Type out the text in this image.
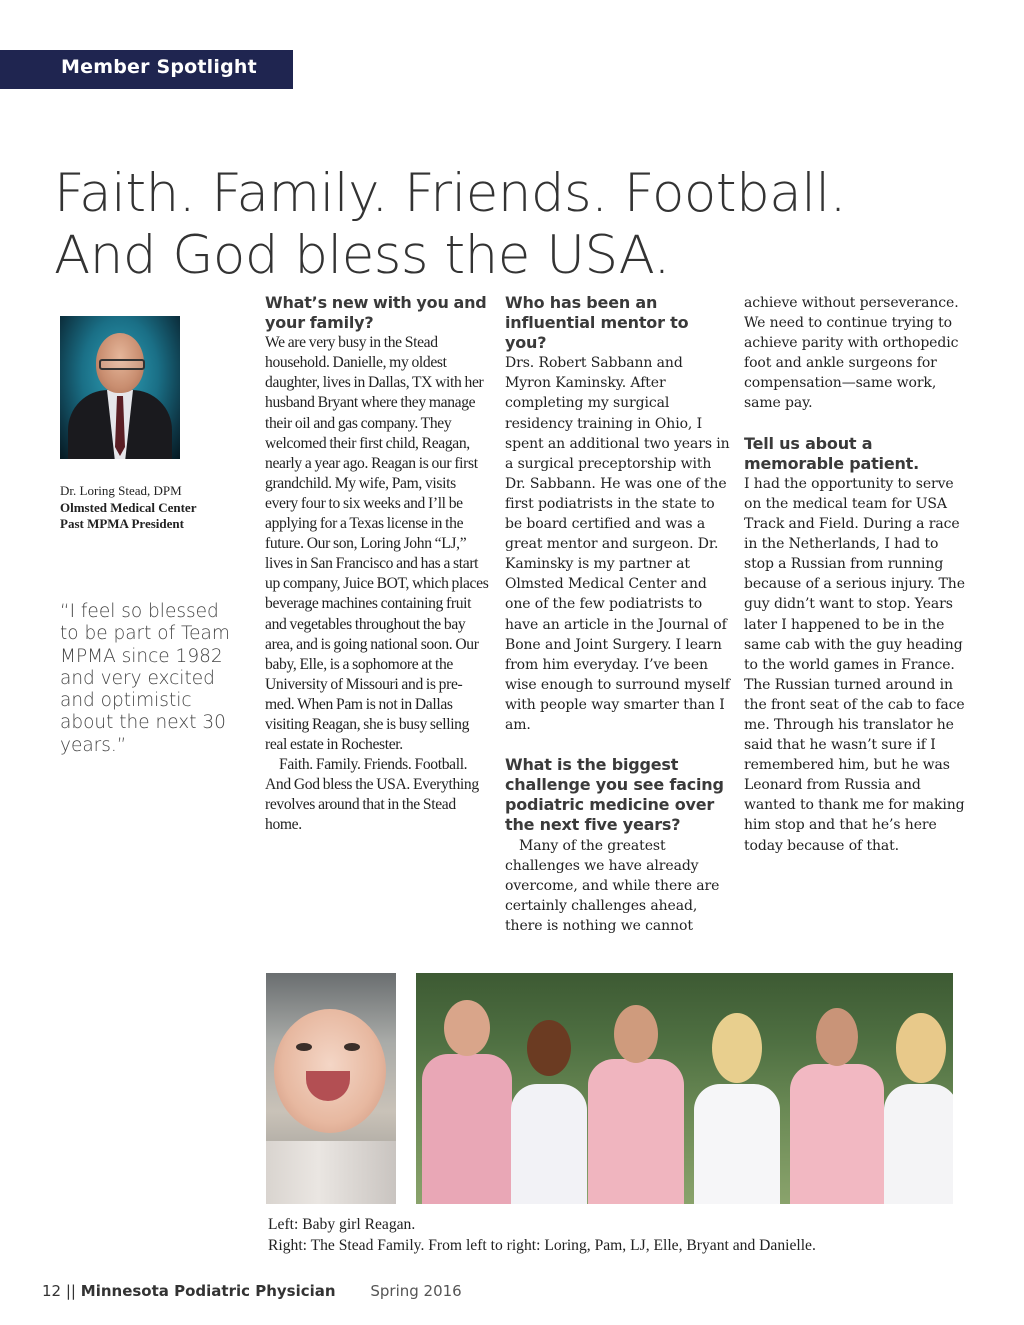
Member Spotlight
Faith. Family. Friends. Football.
And God bless the USA.
Dr. Loring Stead, DPM
Olmsted Medical Center
Past MPMA President
“I feel so blessed to be part of Team MPMA since 1982 and very excited and optimistic about the next 30 years.”
What’s new with you and your family?
We are very busy in the Stead household. Danielle, my oldest daughter, lives in Dallas, TX with her husband Bryant where they manage their oil and gas company. They welcomed their first child, Reagan, nearly a year ago. Reagan is our first grandchild. My wife, Pam, visits every four to six weeks and I’ll be applying for a Texas license in the future. Our son, Loring John “LJ,” lives in San Francisco and has a start up company, Juice BOT, which places beverage machines containing fruit and vegetables throughout the bay area, and is going national soon. Our baby, Elle, is a sophomore at the University of Missouri and is pre-med. When Pam is not in Dallas visiting Reagan, she is busy selling real estate in Rochester.
Faith. Family. Friends. Football. And God bless the USA. Everything revolves around that in the Stead home.
Who has been an influential mentor to you?
Drs. Robert Sabbann and Myron Kaminsky. After completing my surgical residency training in Ohio, I spent an additional two years in a surgical preceptorship with Dr. Sabbann. He was one of the first podiatrists in the state to be board certified and was a great mentor and surgeon. Dr. Kaminsky is my partner at Olmsted Medical Center and one of the few podiatrists to have an article in the Journal of Bone and Joint Surgery. I learn from him everyday. I’ve been wise enough to surround myself with people way smarter than I am.
What is the biggest challenge you see facing podiatric medicine over the next five years?
Many of the greatest challenges we have already overcome, and while there are certainly challenges ahead, there is nothing we cannot
achieve without perseverance. We need to continue trying to achieve parity with orthopedic foot and ankle surgeons for compensation—same work, same pay.
Tell us about a memorable patient.
I had the opportunity to serve on the medical team for USA Track and Field. During a race in the Netherlands, I had to stop a Russian from running because of a serious injury. The guy didn’t want to stop. Years later I happened to be in the same cab with the guy heading to the world games in France. The Russian turned around in the front seat of the cab to face me. Through his translator he said that he wasn’t sure if I remembered him, but he was Leonard from Russia and wanted to thank me for making him stop and that he’s here today because of that.
Left: Baby girl Reagan.
Right: The Stead Family. From left to right: Loring, Pam, LJ, Elle, Bryant and Danielle.
12 || Minnesota Podiatric Physician Spring 2016
